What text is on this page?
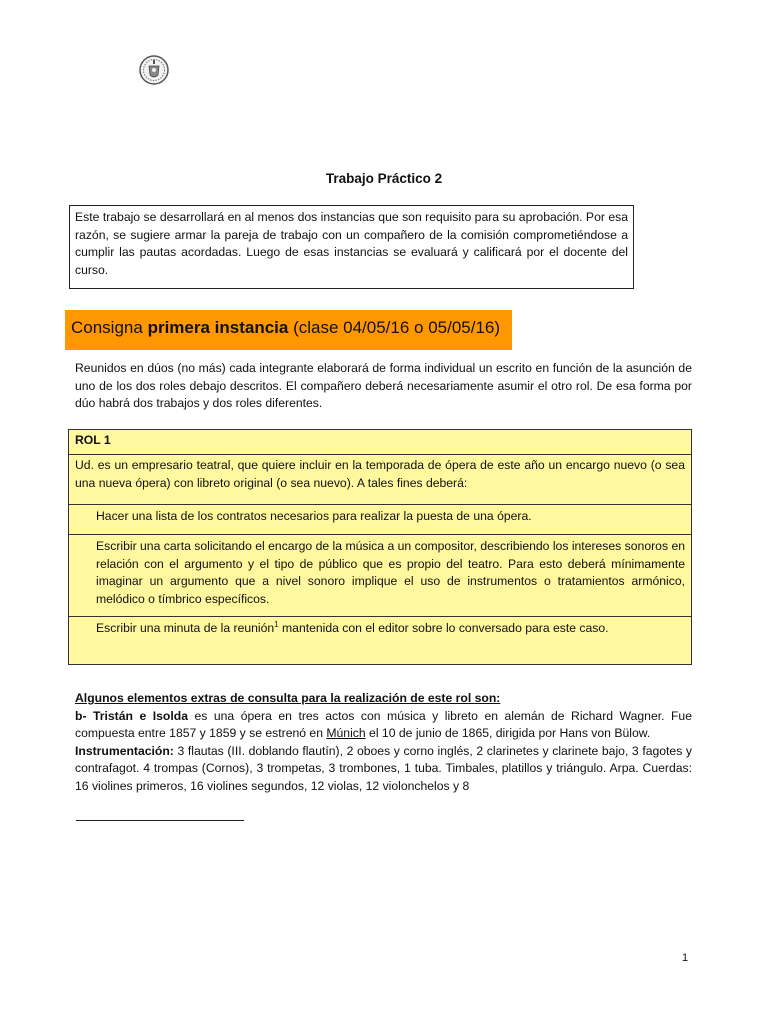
Trabajo Práctico 2
Este trabajo se desarrollará en al menos dos instancias que son requisito para su aprobación. Por esa razón, se sugiere armar la pareja de trabajo con un compañero de la comisión comprometiéndose a cumplir las pautas acordadas. Luego de esas instancias se evaluará y calificará por el docente del curso.
Consigna primera instancia (clase 04/05/16 o 05/05/16)
Reunidos en dúos (no más) cada integrante elaborará de forma individual un escrito en función de la asunción de uno de los dos roles debajo descritos. El compañero deberá necesariamente asumir el otro rol. De esa forma por dúo habrá dos trabajos y dos roles diferentes.
ROL 1
Ud. es un empresario teatral, que quiere incluir en la temporada de ópera de este año un encargo nuevo (o sea una nueva ópera) con libreto original (o sea nuevo). A tales fines deberá:
Hacer una lista de los contratos necesarios para realizar la puesta de una ópera.
Escribir una carta solicitando el encargo de la música a un compositor, describiendo los intereses sonoros en relación con el argumento y el tipo de público que es propio del teatro. Para esto deberá mínimamente imaginar un argumento que a nivel sonoro implique el uso de instrumentos o tratamientos armónico, melódico o tímbrico específicos.
Escribir una minuta de la reunión$^1$ mantenida con el editor sobre lo conversado para este caso.

Algunos elementos extras de consulta para la realización de este rol son:

b- Tristán e Isolda es una ópera en tres actos con música y libreto en alemán de Richard Wagner. Fue compuesta entre 1857 y 1859 y se estrenó en Múnich el 10 de junio de 1865, dirigida por Hans von Bülow.

Instrumentación: 3 flautas (III. doblando flautín), 2 oboes y corno inglés, 2 clarinetes y clarinete bajo, 3 fagotes y contrafagot. 4 trompas (Cornos), 3 trompetas, 3 trombones, 1 tuba. Timbales, platillos y triángulo. Arpa. Cuerdas: 16 violines primeros, 16 violines segundos, 12 violas, 12 violonchelos y 8

1
